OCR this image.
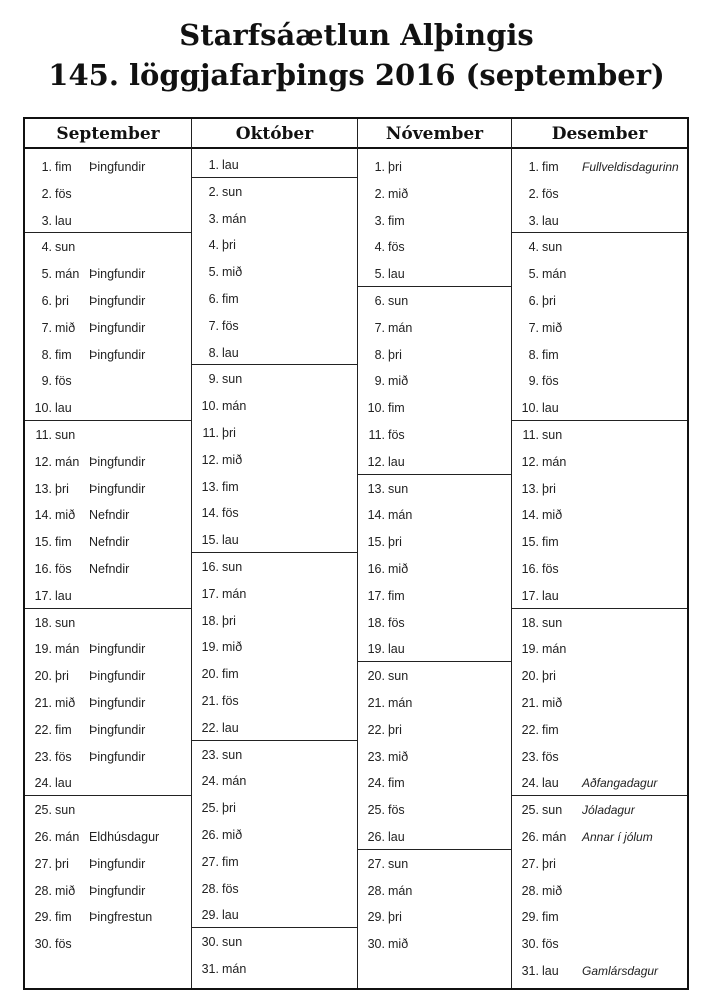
Starfsáætlun Alþingis
145. löggjafarþings 2016 (september)
September
1. fim Þingfundir
2. fös
3. lau
4. sun
5. mán Þingfundir
6. þri Þingfundir
7. mið Þingfundir
8. fim Þingfundir
9. fös
10. lau
11. sun
12. mán Þingfundir
13. þri Þingfundir
14. mið Nefndir
15. fim Nefndir
16. fös Nefndir
17. lau
18. sun
19. mán Þingfundir
20. þri Þingfundir
21. mið Þingfundir
22. fim Þingfundir
23. fös Þingfundir
24. lau
25. sun
26. mán Eldhúsdagur
27. þri Þingfundir
28. mið Þingfundir
29. fim Þingfrestun
30. fös
Október
1. lau
2. sun
3. mán
4. þri
5. mið
6. fim
7. fös
8. lau
9. sun
10. mán
11. þri
12. mið
13. fim
14. fös
15. lau
16. sun
17. mán
18. þri
19. mið
20. fim
21. fös
22. lau
23. sun
24. mán
25. þri
26. mið
27. fim
28. fös
29. lau
30. sun
31. mán
Nóvember
1. þri
2. mið
3. fim
4. fös
5. lau
6. sun
7. mán
8. þri
9. mið
10. fim
11. fös
12. lau
13. sun
14. mán
15. þri
16. mið
17. fim
18. fös
19. lau
20. sun
21. mán
22. þri
23. mið
24. fim
25. fös
26. lau
27. sun
28. mán
29. þri
30. mið
Desember
1. fim Fullveldisdagurinn
2. fös
3. lau
4. sun
5. mán
6. þri
7. mið
8. fim
9. fös
10. lau
11. sun
12. mán
13. þri
14. mið
15. fim
16. fös
17. lau
18. sun
19. mán
20. þri
21. mið
22. fim
23. fös
24. lau Aðfangadagur
25. sun Jóladagur
26. mán Annar í jólum
27. þri
28. mið
29. fim
30. fös
31. lau Gamlársdagur
